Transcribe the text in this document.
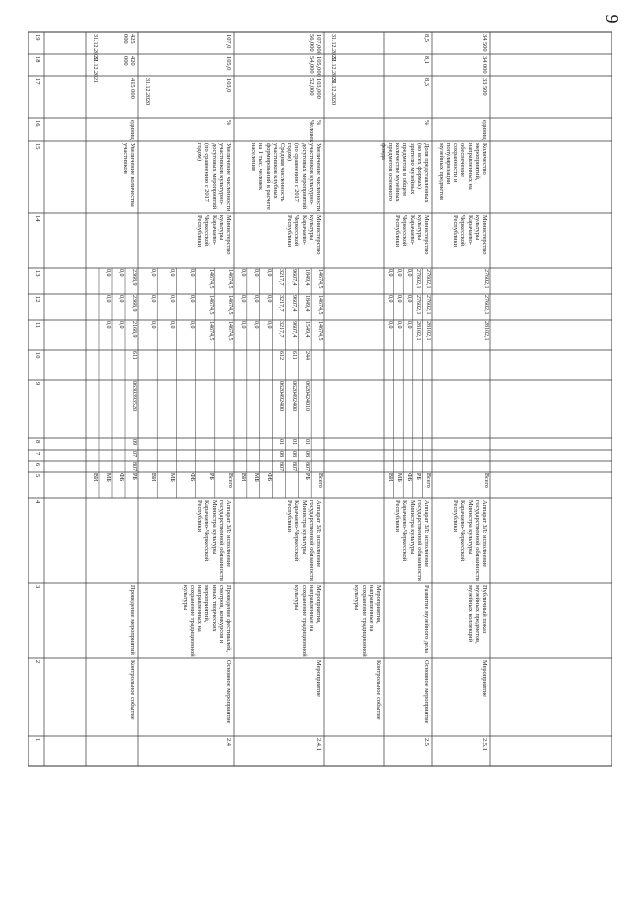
9
1
2
3
4
5
6
7
8
9
10
11
12
13
14
15
16
17
18
19
Контрольное событие
Проведение мероприятий
Увеличение количества участников
единиц
415 000
420 000
425 000
31.12.2021
31.12.2022
РБ
807
07
09
0630393520
611
2168,9
2368,9
2368,9
ФБ
0,0
0,0
0,0
МБ
0,0
0,0
0,0
ВИ
2.4
Основное мероприятие
Проведение фестивалей, смотров, конкурсов и иных творческих мероприятий, направленных на сохранение традиционной культуры
Аппарат ЗЛ: исполнение государственной обязанности Министра культуры Карачаево-Черкесской Республики
Министерство культуры Карачаево-Черкесской Республики
Увеличение численности участников культурно-досуговых мероприятий (по сравнению с 2017 годом)
%
103,0
105,0
107,0
31.12.2020
Всего
14674,5
14674,5
14674,5
РБ
14674,5
14674,5
14674,5
ФБ
0,0
0,0
0,0
МБ
0,0
0,0
0,0
ВИ
0,0
0,0
0,0
2.4.1
Мероприятие
Мероприятия, направленные на сохранение традиционной культуры
Аппарат ЗЛ: исполнение государственной обязанности Министра культуры Карачаево-Черкесской Республики
Министерство культуры Карачаево-Черкесской Республики
Увеличение численности участников культурно-досуговых мероприятий (по сравнению с 2017 годом)
Средняя численность участников клубных формирований в расчете на 1 тыс. человек населения
%
Человек
103,000
52,000
105,000
54,000
107,000
56,000
Всего
14674,5
14674,5
14674,5
РБ
807
08
01
0620424010
244
1549,4
1849,4
1849,4
807
08
01
0620492400
611
9607,4
9607,4
9607,4
807
08
01
0620492400
612
3217,7
3217,7
3217,7
ФБ
0,0
0,0
0,0
МБ
0,0
0,0
0,0
ВИ
0,0
0,0
0,0
Контрольное событие
Мероприятия, направленные на сохранение традиционной культуры
31.12.2020
31.12.2021
31.12.2022
2.5
Основное мероприятие
Развитие музейного дела
Аппарат ЗЛ: исполнение государственной обязанности Министра культуры Карачаево-Черкесской Республики
Министерство культуры Карачаево-Черкесской Республики
Доля представленных (во всех формах) зрителю музейных предметов в общем количестве музейных предметов основного фонда
%
8,3
8,1
8,5
Всего
28102,1
27602,1
27602,1
РБ
28102,1
27602,1
27602,1
ФБ
0,0
0,0
0,0
МБ
0,0
0,0
0,0
ВИ
0,0
0,0
0,0
2.5.1
Мероприятие
Публичный показ музейных предметов, музейных коллекций
Аппарат ЗЛ: исполнение государственной обязанности Министра культуры Карачаево-Черкесской Республики
Министерство культуры Карачаево-Черкесской Республики
Количество мероприятий, направленных на обеспечение сохранности и популяризации музейных предметов
единиц
33 500
34 000
34 500
Всего
28102,1
27602,1
27602,1
